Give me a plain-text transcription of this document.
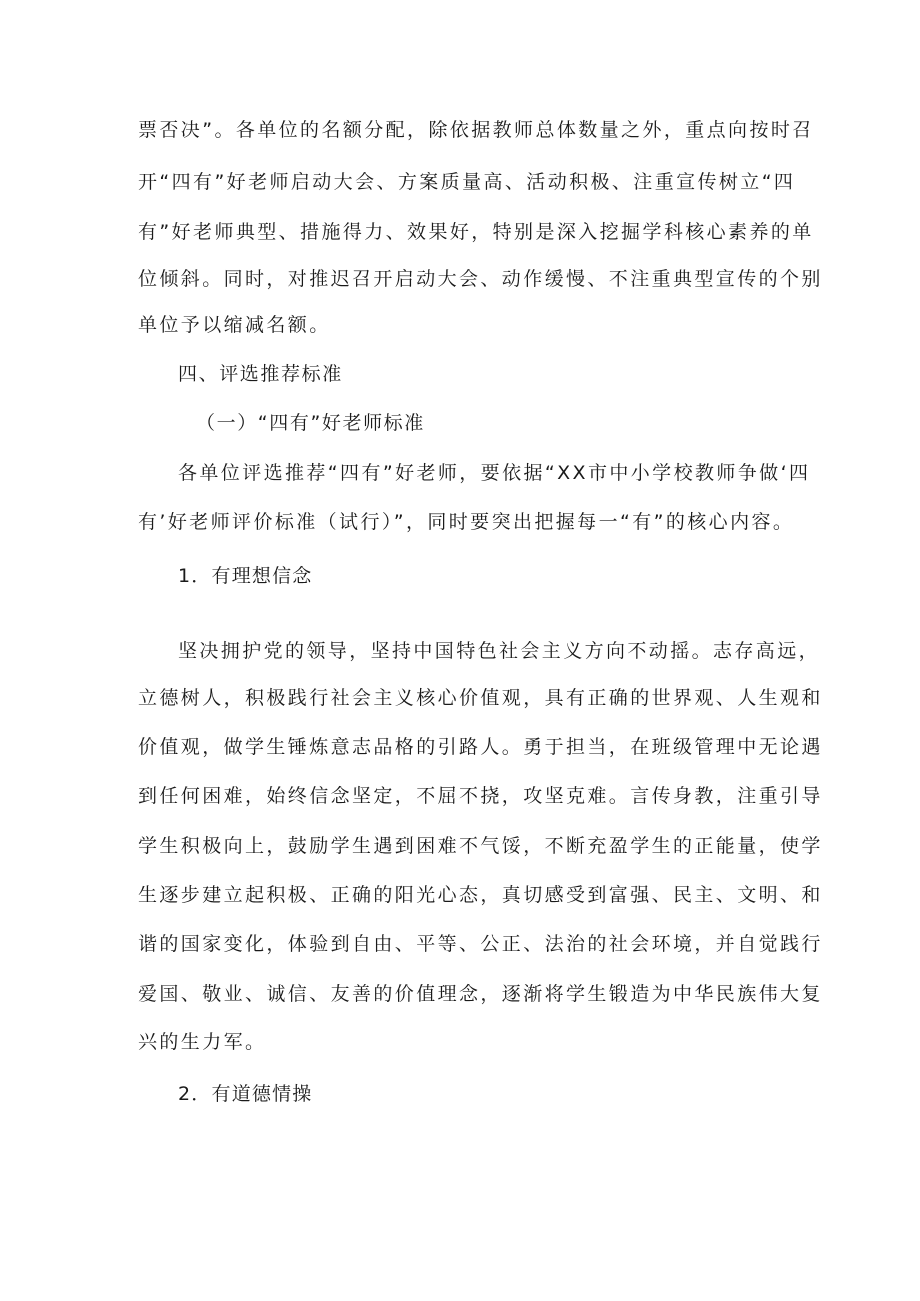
票否决”。各单位的名额分配，除依据教师总体数量之外，重点向按时召
开“四有”好老师启动大会、方案质量高、活动积极、注重宣传树立“四
有”好老师典型、措施得力、效果好，特别是深入挖掘学科核心素养的单
位倾斜。同时，对推迟召开启动大会、动作缓慢、不注重典型宣传的个别
单位予以缩减名额。
四、评选推荐标准
（一）“四有”好老师标准
各单位评选推荐“四有”好老师，要依据“XX市中小学校教师争做‘四
有’好老师评价标准（试行）”，同时要突出把握每一“有”的核心内容。
1．有理想信念
坚决拥护党的领导，坚持中国特色社会主义方向不动摇。志存高远，
立德树人，积极践行社会主义核心价值观，具有正确的世界观、人生观和
价值观，做学生锤炼意志品格的引路人。勇于担当，在班级管理中无论遇
到任何困难，始终信念坚定，不屈不挠，攻坚克难。言传身教，注重引导
学生积极向上，鼓励学生遇到困难不气馁，不断充盈学生的正能量，使学
生逐步建立起积极、正确的阳光心态，真切感受到富强、民主、文明、和
谐的国家变化，体验到自由、平等、公正、法治的社会环境，并自觉践行
爱国、敬业、诚信、友善的价值理念，逐渐将学生锻造为中华民族伟大复
兴的生力军。
2．有道德情操
